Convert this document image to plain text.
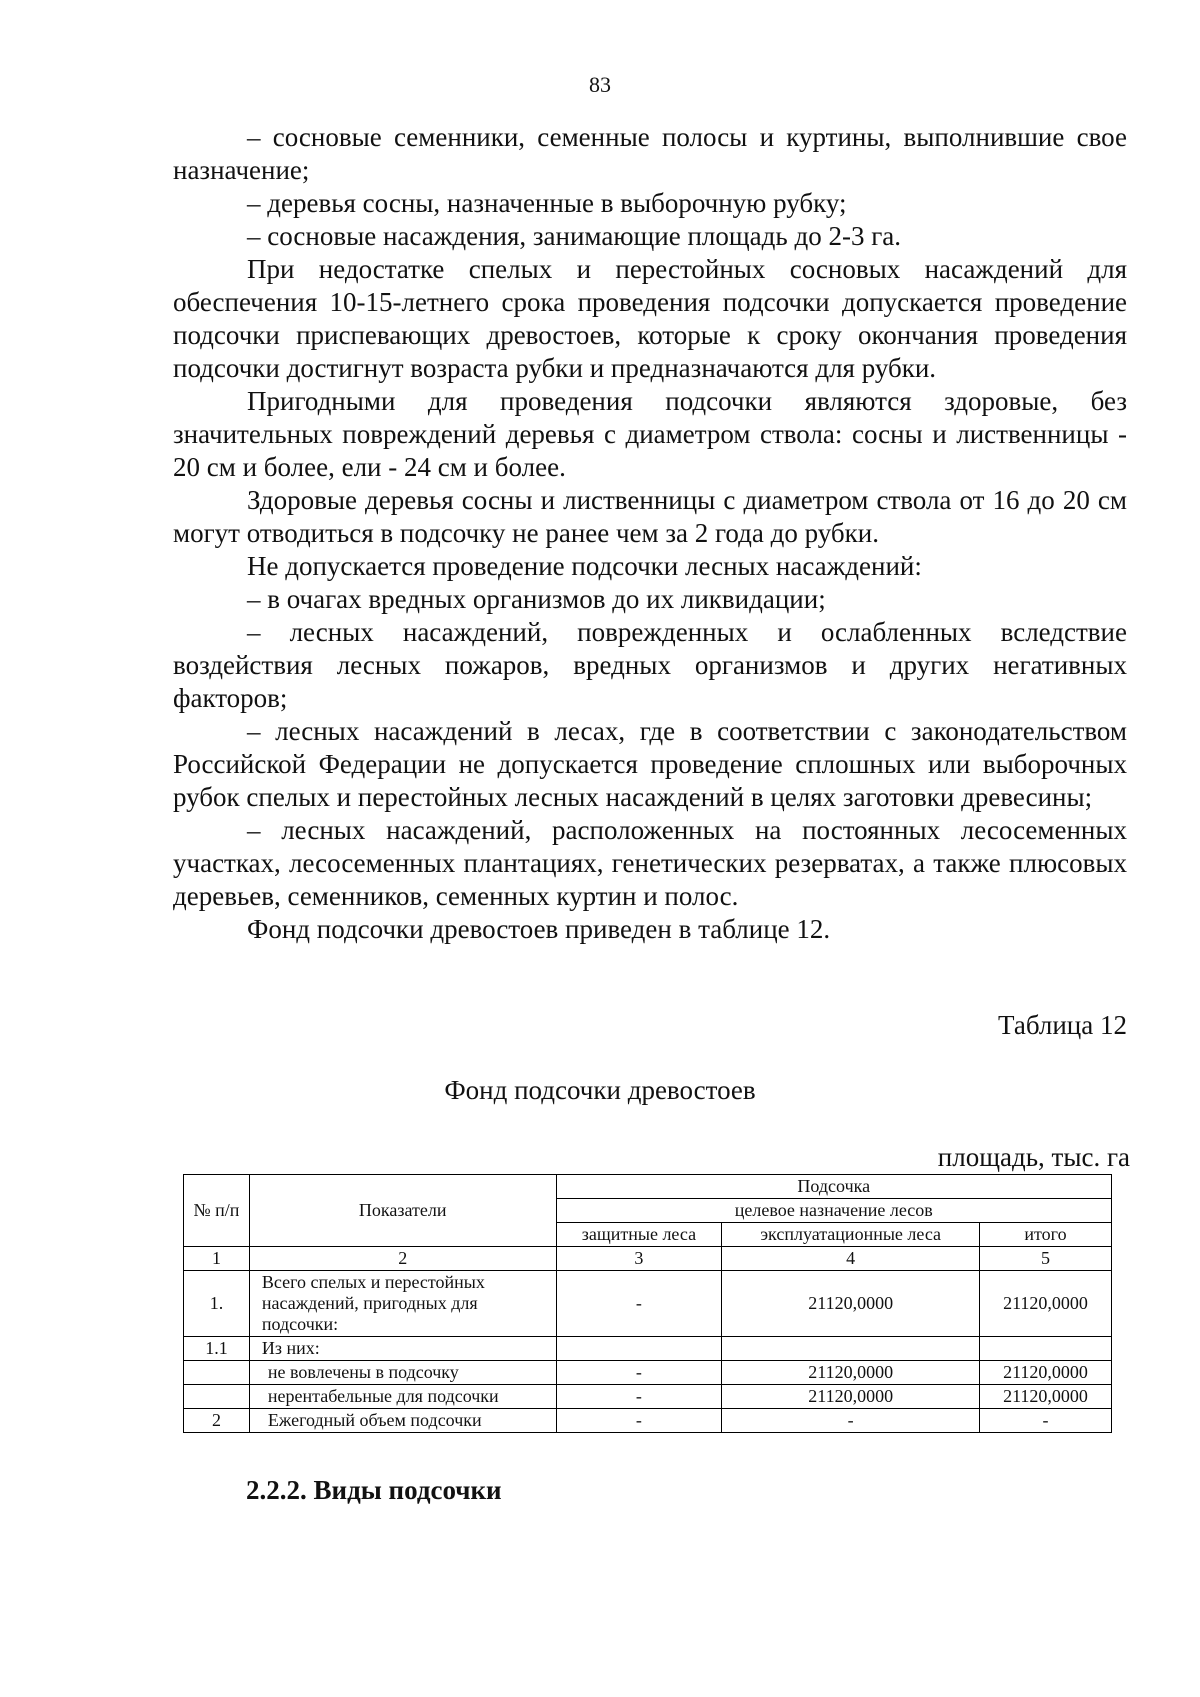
83

– сосновые семенники, семенные полосы и куртины, выполнившие свое назначение;

– деревья сосны, назначенные в выборочную рубку;

– сосновые насаждения, занимающие площадь до 2-3 га.

При недостатке спелых и перестойных сосновых насаждений для обеспечения 10-15-летнего срока проведения подсочки допускается проведение подсочки приспевающих древостоев, которые к сроку окончания проведения подсочки достигнут возраста рубки и предназначаются для рубки.

Пригодными для проведения подсочки являются здоровые, без значительных повреждений деревья с диаметром ствола: сосны и лиственницы - 20 см и более, ели - 24 см и более.

Здоровые деревья сосны и лиственницы с диаметром ствола от 16 до 20 см могут отводиться в подсочку не ранее чем за 2 года до рубки.

Не допускается проведение подсочки лесных насаждений:

– в очагах вредных организмов до их ликвидации;

– лесных насаждений, поврежденных и ослабленных вследствие воздействия лесных пожаров, вредных организмов и других негативных факторов;

– лесных насаждений в лесах, где в соответствии с законодательством Российской Федерации не допускается проведение сплошных или выборочных рубок спелых и перестойных лесных насаждений в целях заготовки древесины;

– лесных насаждений, расположенных на постоянных лесосеменных участках, лесосеменных плантациях, генетических резерватах, а также плюсовых деревьев, семенников, семенных куртин и полос.

Фонд подсочки древостоев приведен в таблице 12.

Таблица 12
Фонд подсочки древостоев
площадь, тыс. га
№ п/п	Показатели	Подсочка		
		целевое назначение лесов		
		защитные леса	эксплуатационные леса	итого
1	2	3	4	5
1.	Всего спелых и перестойных насаждений, пригодных для подсочки:	-	21120,0000	21120,0000
1.1	Из них:			
	не вовлечены в подсочку	-	21120,0000	21120,0000
	нерентабельные для подсочки	-	21120,0000	21120,0000
2	Ежегодный объем подсочки	-	-	-
2.2.2. Виды подсочки
